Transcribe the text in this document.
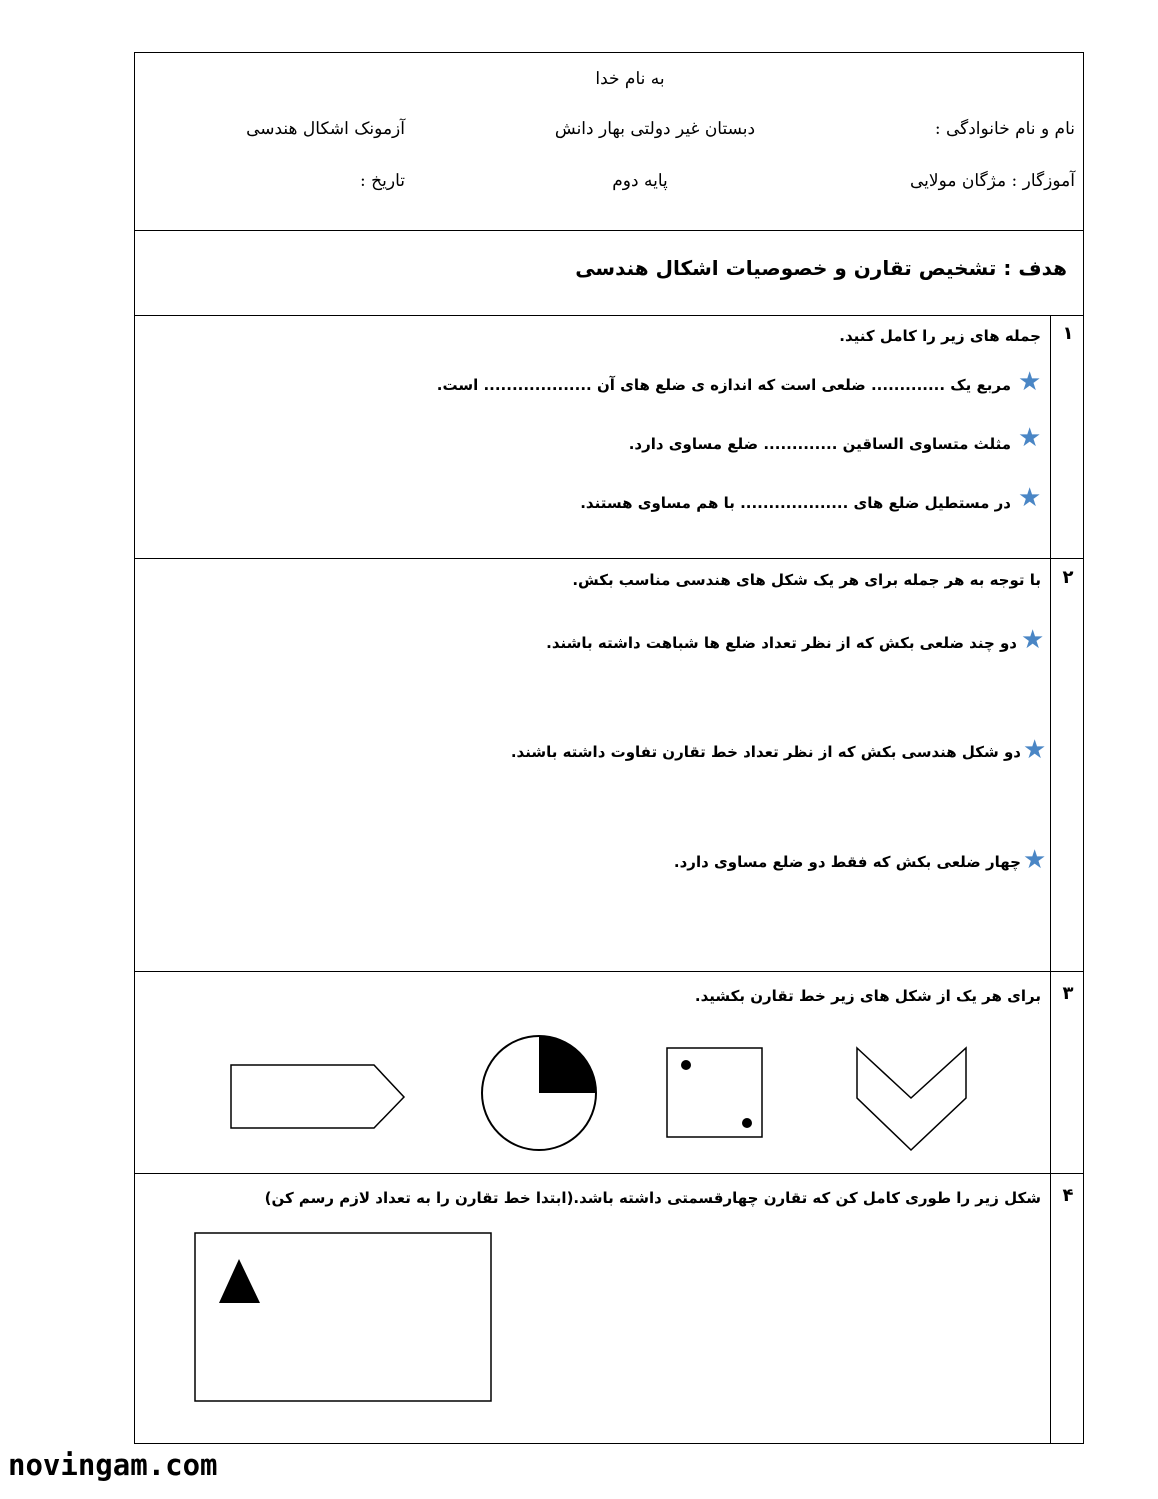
به نام خدا
نام و نام خانوادگی :
دبستان غیر دولتی بهار دانش
آزمونک اشکال هندسی
آموزگار : مژگان مولایی
پایه دوم
تاریخ :
هدف : تشخیص تقارن و خصوصیات اشکال هندسی
۱
جمله های زیر را کامل کنید.
★
مربع یک ............. ضلعی است که اندازه ی ضلع های آن ................... است.
★
مثلث متساوی الساقین ............. ضلع مساوی دارد.
★
در مستطیل ضلع های ................... با هم مساوی هستند.
۲
با توجه به هر جمله برای هر یک شکل های هندسی مناسب بکش.
★
دو چند ضلعی بکش که از نظر تعداد ضلع ها شباهت داشته باشند.
★
دو شکل هندسی بکش که از نظر تعداد خط تقارن تفاوت داشته باشند.
★
چهار ضلعی بکش که فقط دو ضلع مساوی دارد.
۳
برای هر یک از شکل های زیر خط تقارن بکشید.
۴
شکل زیر را طوری کامل کن که تقارن چهارقسمتی داشته باشد.(ابتدا خط تقارن را به تعداد لازم رسم کن)
novingam.com
